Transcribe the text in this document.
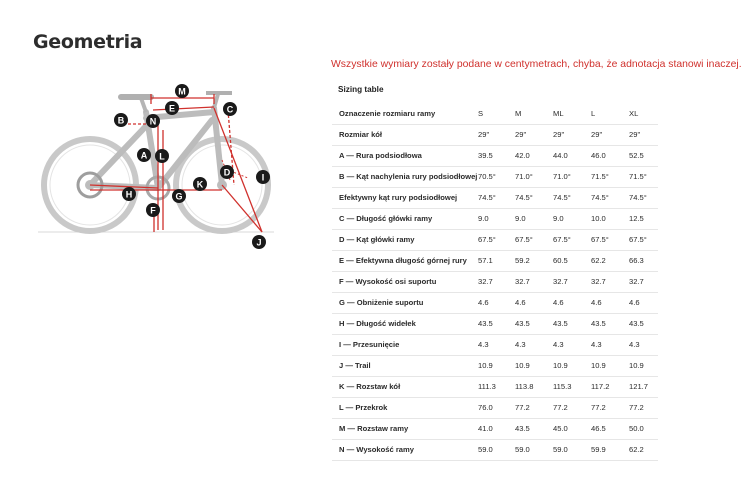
Geometria
M
B
E	C
N
A L
D	I
K
H	G
F
J
Wszystkie wymiary zostały podane w centymetrach, chyba, że adnotacja stanowi inaczej.
Sizing table
Oznaczenie rozmiaru ramy	S	M	ML	L	XL
Rozmiar kół	29"	29"	29"	29"	29"
A — Rura podsiodłowa	39.5	42.0	44.0	46.0	52.5
B — Kąt nachylenia rury podsiodłowej	70.5°	71.0°	71.0°	71.5°	71.5°
Efektywny kąt rury podsiodłowej	74.5°	74.5°	74.5°	74.5°	74.5°
C — Długość główki ramy	9.0	9.0	9.0	10.0	12.5
D — Kąt główki ramy	67.5°	67.5°	67.5°	67.5°	67.5°
E — Efektywna długość górnej rury	57.1	59.2	60.5	62.2	66.3
F — Wysokość osi suportu	32.7	32.7	32.7	32.7	32.7
G — Obniżenie suportu	4.6	4.6	4.6	4.6	4.6
H — Długość widełek	43.5	43.5	43.5	43.5	43.5
I — Przesunięcie	4.3	4.3	4.3	4.3	4.3
J — Trail	10.9	10.9	10.9	10.9	10.9
K — Rozstaw kół	111.3	113.8	115.3	117.2	121.7
L — Przekrok	76.0	77.2	77.2	77.2	77.2
M — Rozstaw ramy	41.0	43.5	45.0	46.5	50.0
N — Wysokość ramy	59.0	59.0	59.0	59.9	62.2
